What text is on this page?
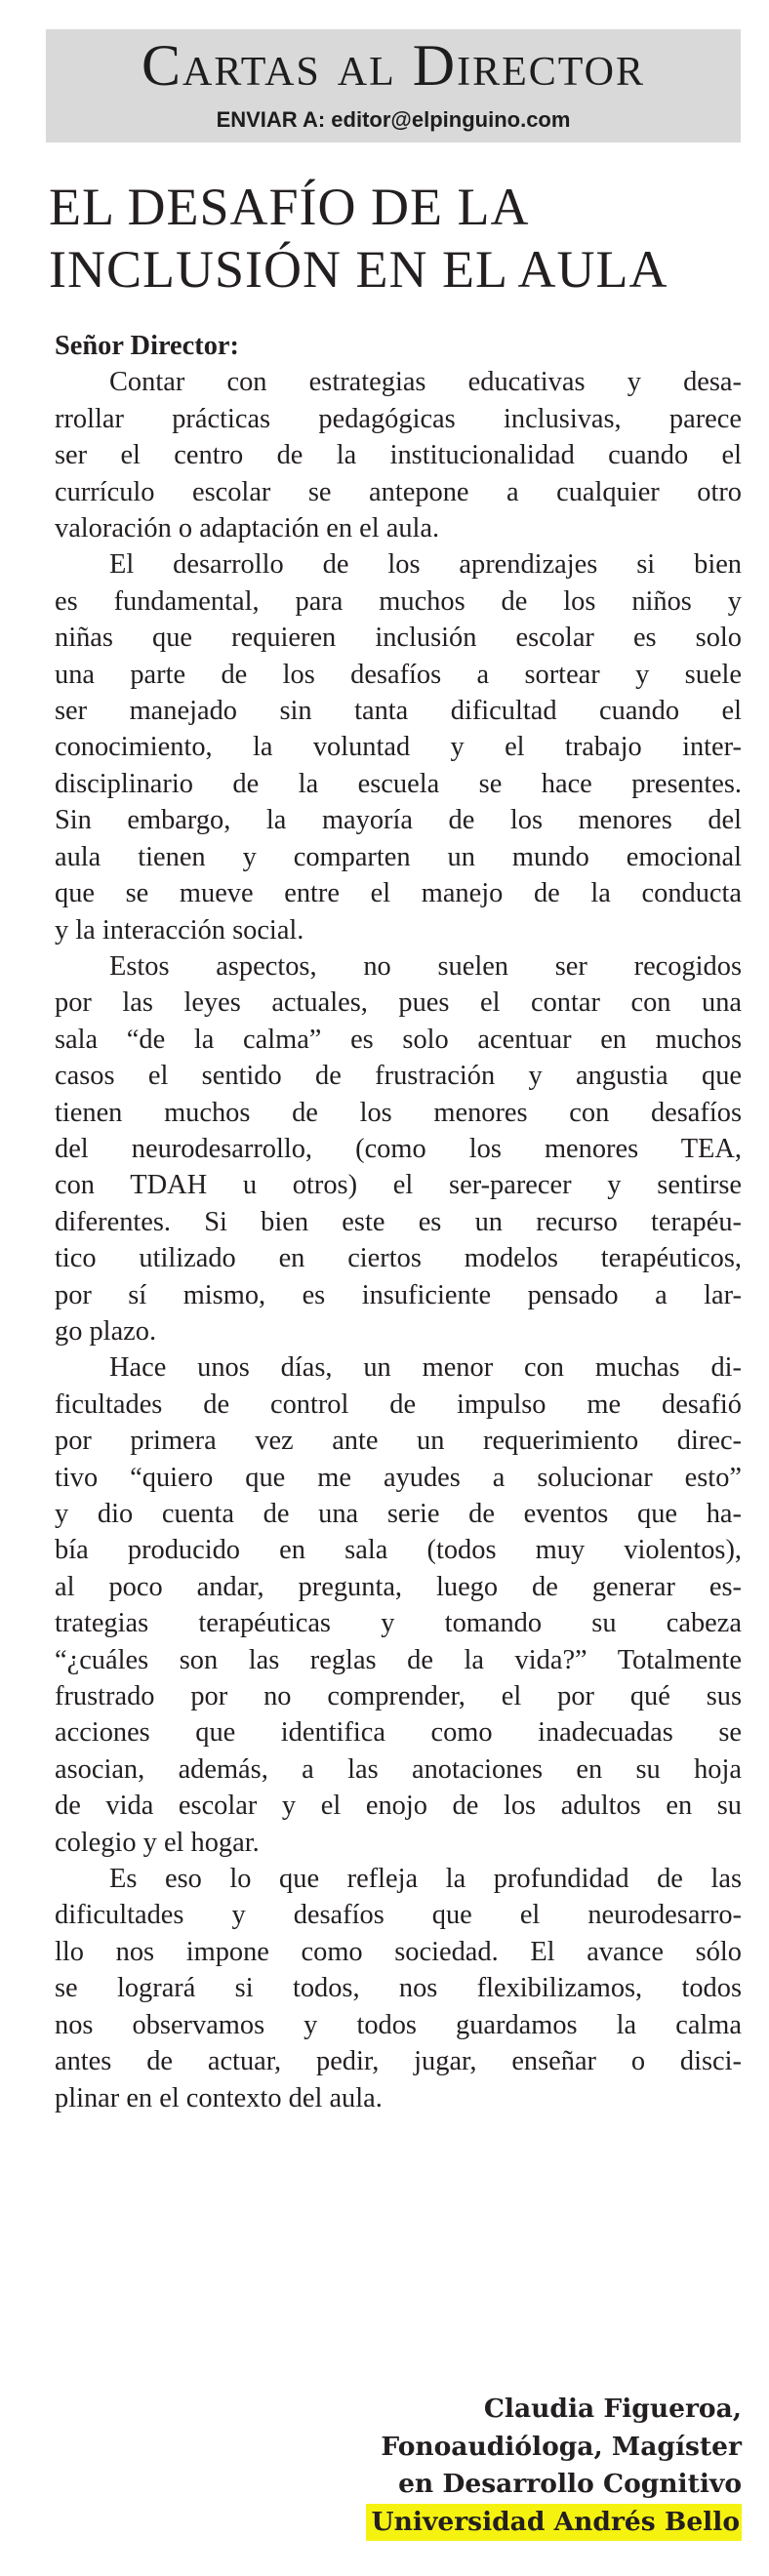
Cartas al Director
ENVIAR A: editor@elpinguino.com
EL DESAFÍO DE LA
INCLUSIÓN EN EL AULA

Señor Director:

Contar con estrategias educativas y desa-
rrollar prácticas pedagógicas inclusivas, parece
ser el centro de la institucionalidad cuando el
currículo escolar se antepone a cualquier otro
valoración o adaptación en el aula.

El desarrollo de los aprendizajes si bien
es fundamental, para muchos de los niños y
niñas que requieren inclusión escolar es solo
una parte de los desafíos a sortear y suele
ser manejado sin tanta dificultad cuando el
conocimiento, la voluntad y el trabajo inter-
disciplinario de la escuela se hace presentes.
Sin embargo, la mayoría de los menores del
aula tienen y comparten un mundo emocional
que se mueve entre el manejo de la conducta
y la interacción social.

Estos aspectos, no suelen ser recogidos
por las leyes actuales, pues el contar con una
sala “de la calma” es solo acentuar en muchos
casos el sentido de frustración y angustia que
tienen muchos de los menores con desafíos
del neurodesarrollo, (como los menores TEA,
con TDAH u otros) el ser-parecer y sentirse
diferentes. Si bien este es un recurso terapéu-
tico utilizado en ciertos modelos terapéuticos,
por sí mismo, es insuficiente pensado a lar-
go plazo.

Hace unos días, un menor con muchas di-
ficultades de control de impulso me desafió
por primera vez ante un requerimiento direc-
tivo “quiero que me ayudes a solucionar esto”
y dio cuenta de una serie de eventos que ha-
bía producido en sala (todos muy violentos),
al poco andar, pregunta, luego de generar es-
trategias terapéuticas y tomando su cabeza
“¿cuáles son las reglas de la vida?” Totalmente
frustrado por no comprender, el por qué sus
acciones que identifica como inadecuadas se
asocian, además, a las anotaciones en su hoja
de vida escolar y el enojo de los adultos en su
colegio y el hogar.

Es eso lo que refleja la profundidad de las
dificultades y desafíos que el neurodesarro-
llo nos impone como sociedad. El avance sólo
se logrará si todos, nos flexibilizamos, todos
nos observamos y todos guardamos la calma
antes de actuar, pedir, jugar, enseñar o disci-
plinar en el contexto del aula.

Claudia Figueroa,
Fonoaudióloga, Magíster
en Desarrollo Cognitivo
Universidad Andrés Bello
